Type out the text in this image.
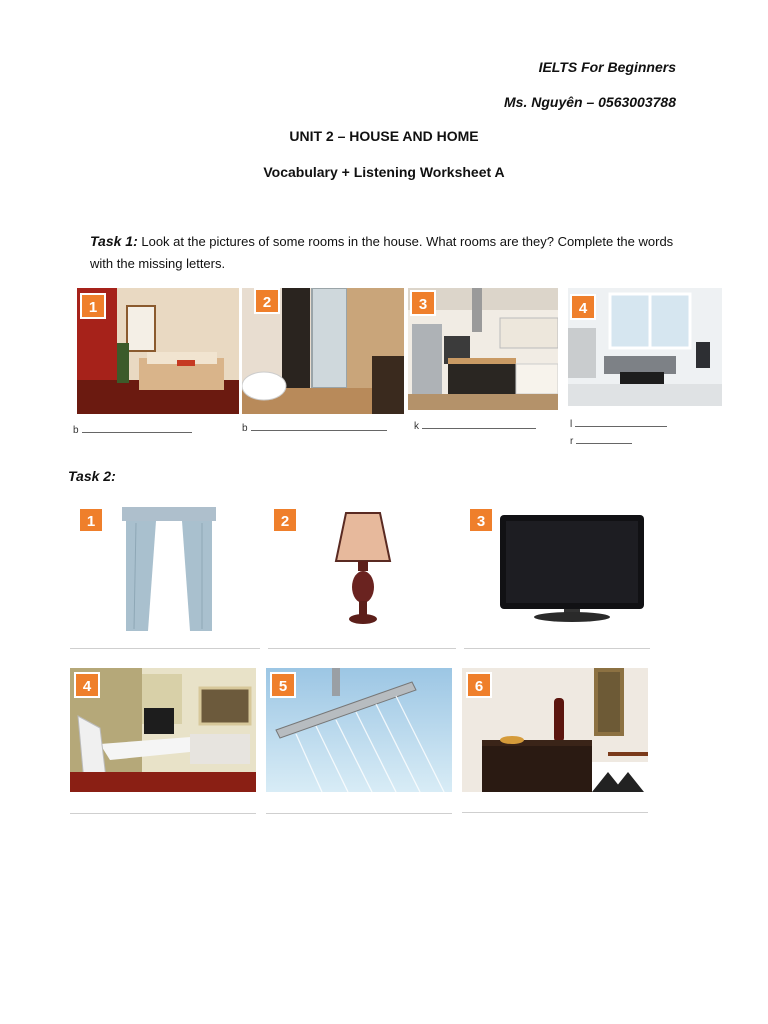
IELTS For Beginners
Ms. Nguyên – 0563003788
UNIT 2 – HOUSE AND HOME
Vocabulary + Listening Worksheet A
Task 1: Look at the pictures of some rooms in the house. What rooms are they? Complete the words with the missing letters.
1	2	3	4
b	b	k	l
r
Task 2:
1	2	3
4	5	6
